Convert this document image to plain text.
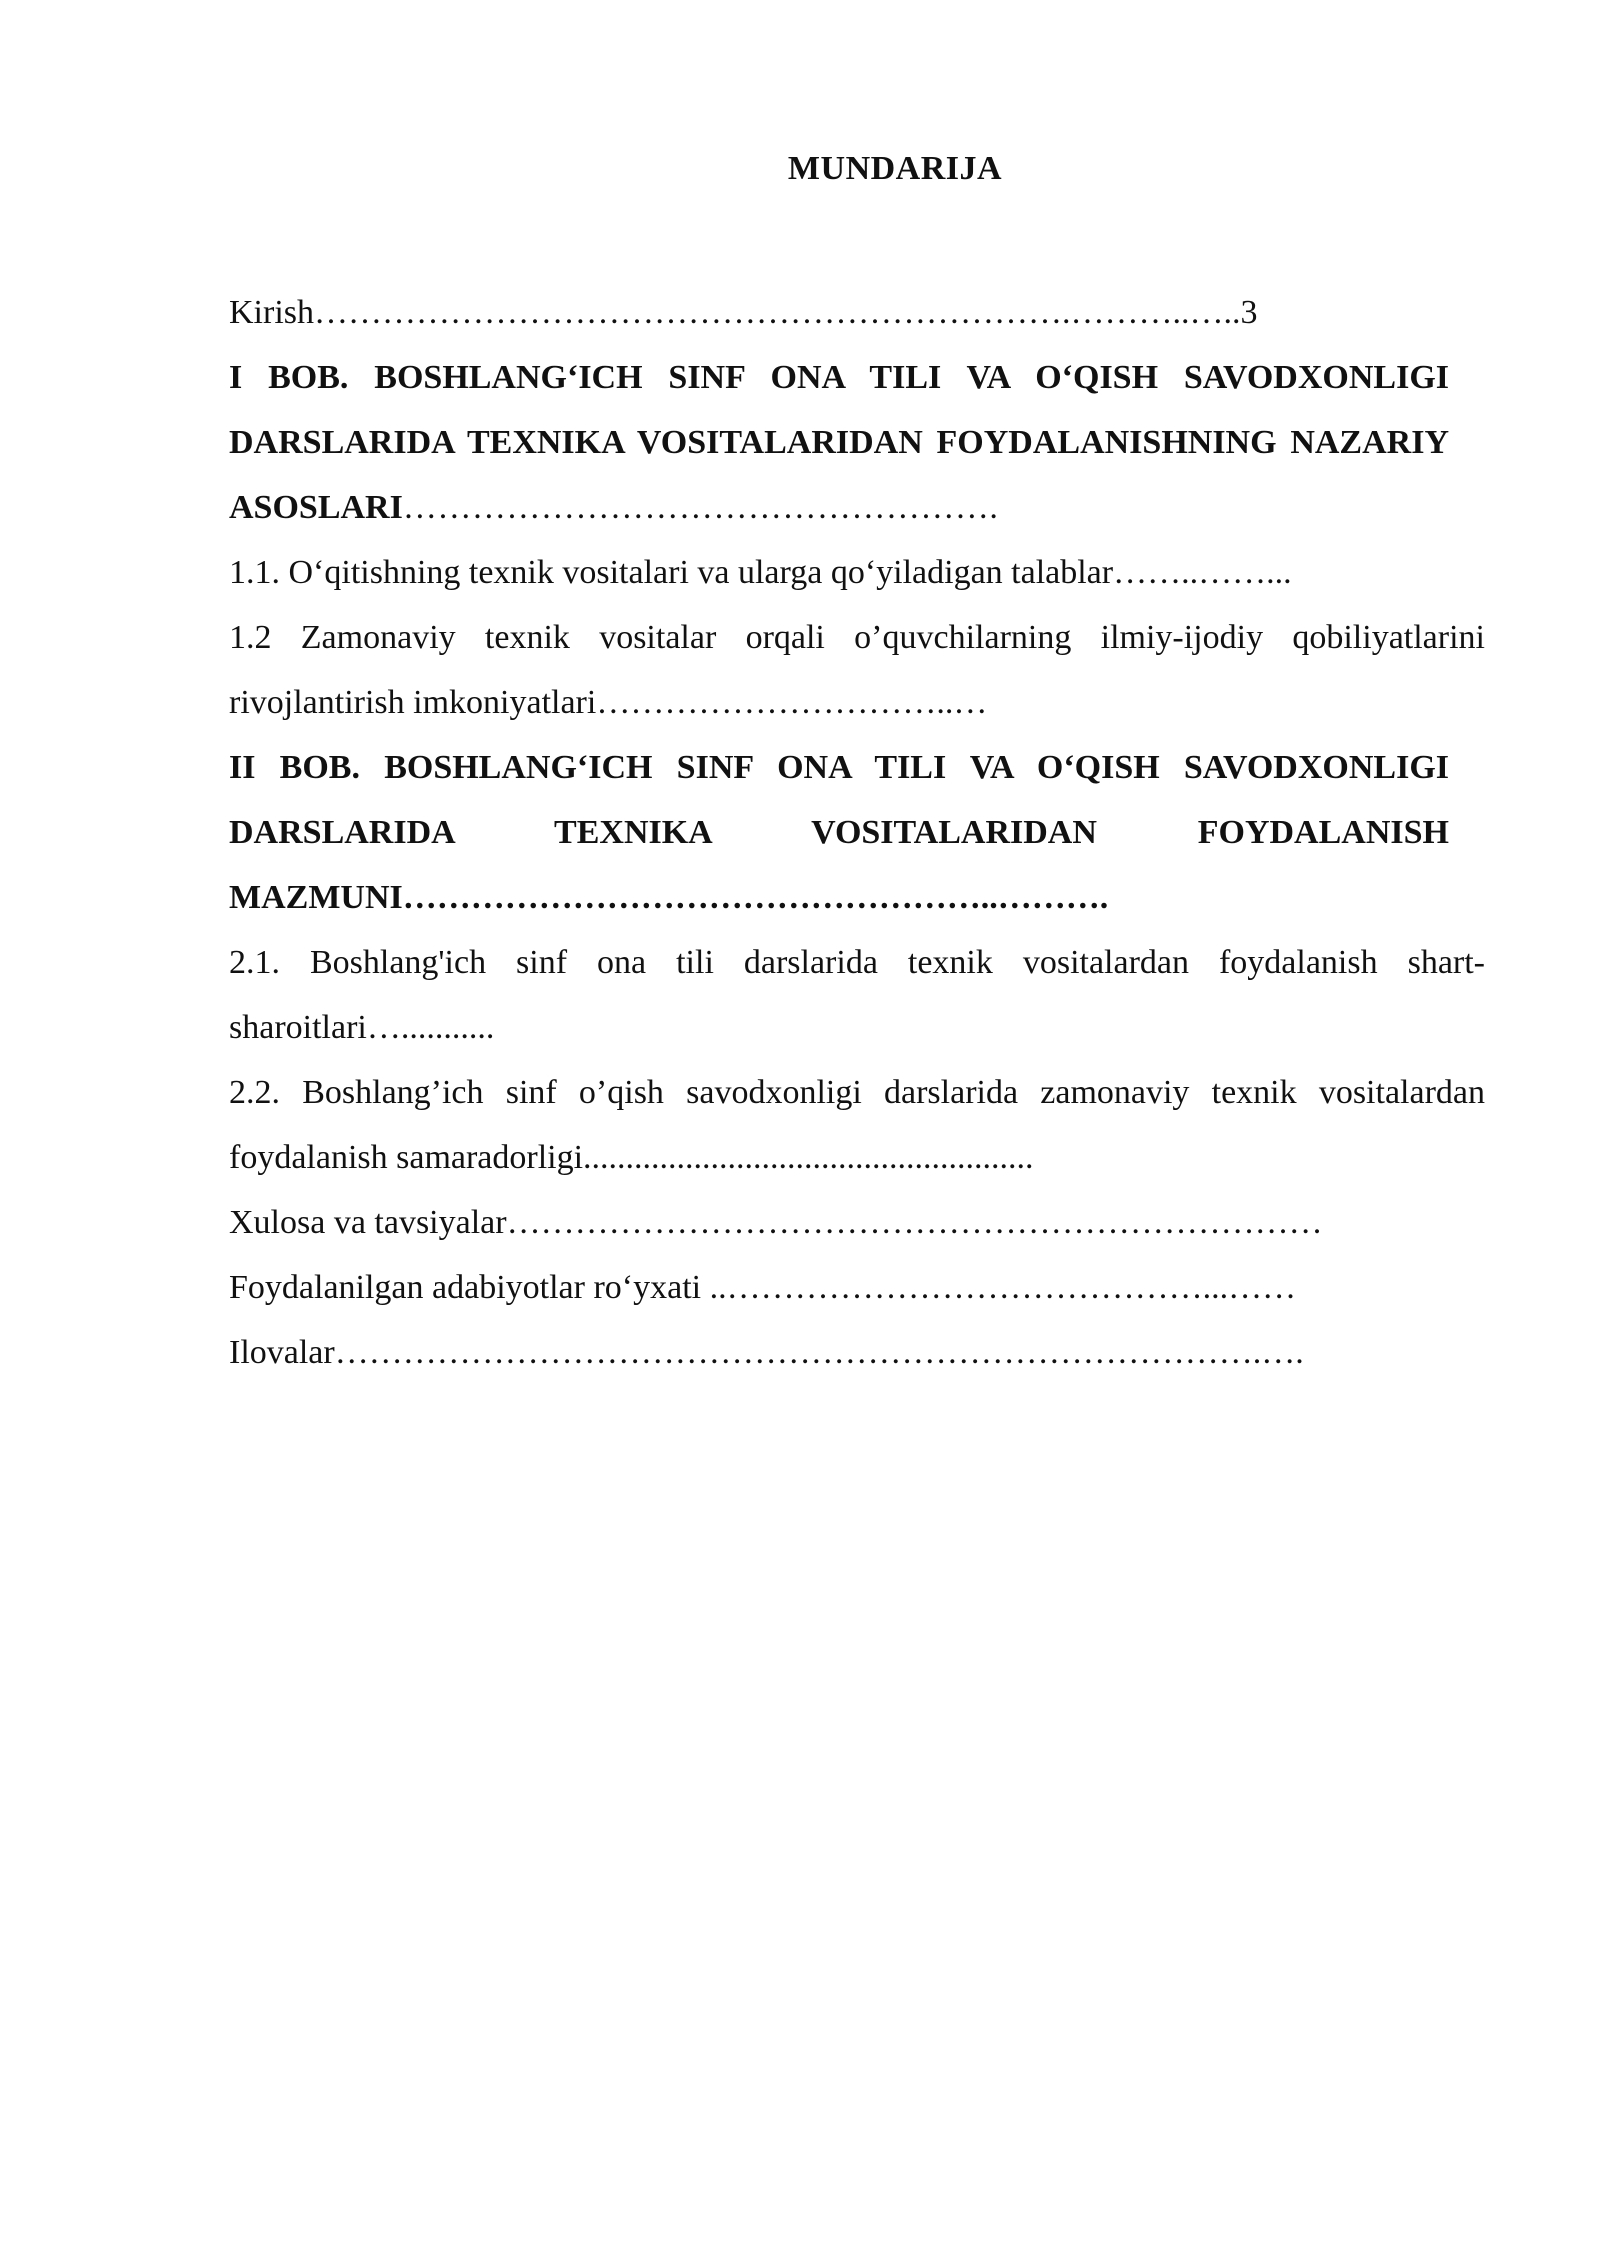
MUNDARIJA

Kirish………………………………………………………….………..…..3

I BOB. BOSHLANG‘ICH SINF ONA TILI VA O‘QISH SAVODXONLIGI DARSLARIDA TEXNIKA VOSITALARIDAN FOYDALANISHNING NAZARIY ASOSLARI…………………………………………….

1.1. O‘qitishning texnik vositalari va ularga qo‘yiladigan talablar……..……...

1.2 Zamonaviy texnik vositalar orqali o’quvchilarning ilmiy-ijodiy qobiliyatlarini rivojlantirish imkoniyatlari…………………………..…

II BOB. BOSHLANG‘ICH SINF ONA TILI VA O‘QISH SAVODXONLIGI DARSLARIDA TEXNIKA VOSITALARIDAN FOYDALANISH MAZMUNI……………………………………………..……….

2.1. Boshlang'ich sinf ona tili darslarida texnik vositalardan foydalanish shart-sharoitlari…...........

2.2. Boshlang’ich sinf o’qish savodxonligi darslarida zamonaviy texnik vositalardan foydalanish samaradorligi.....................................................

Xulosa va tavsiyalar………………………………………………………………

Foydalanilgan adabiyotlar ro‘yxati ..……………………………………...……

Ilovalar……………………………………………………………………….….
